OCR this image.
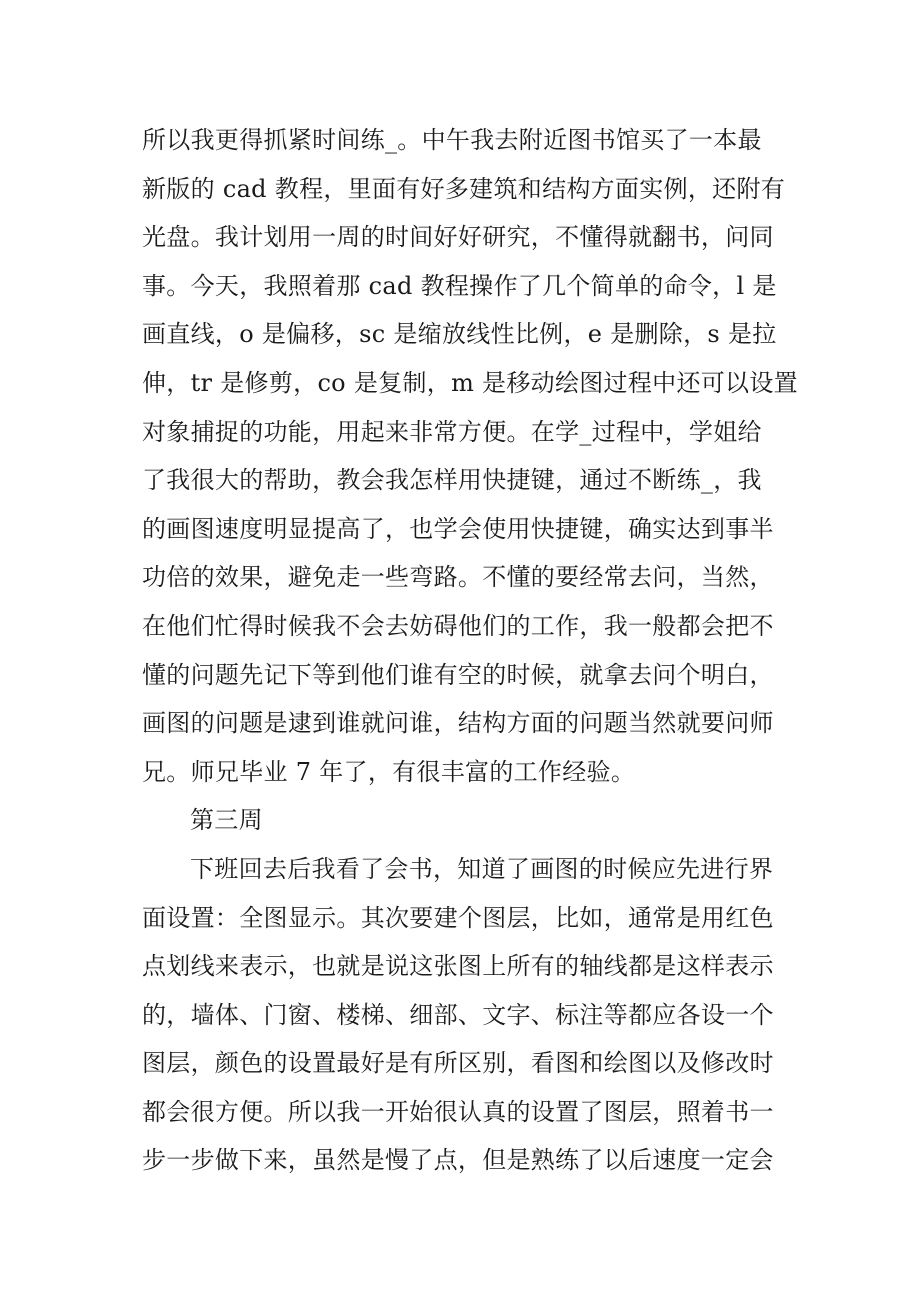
所以我更得抓紧时间练_。中午我去附近图书馆买了一本最
新版的 cad 教程，里面有好多建筑和结构方面实例，还附有
光盘。我计划用一周的时间好好研究，不懂得就翻书，问同
事。今天，我照着那 cad 教程操作了几个简单的命令，l 是
画直线，o 是偏移，sc 是缩放线性比例，e 是删除，s 是拉
伸，tr 是修剪，co 是复制，m 是移动绘图过程中还可以设置
对象捕捉的功能，用起来非常方便。在学_过程中，学姐给
了我很大的帮助，教会我怎样用快捷键，通过不断练_，我
的画图速度明显提高了，也学会使用快捷键，确实达到事半
功倍的效果，避免走一些弯路。不懂的要经常去问，当然，
在他们忙得时候我不会去妨碍他们的工作，我一般都会把不
懂的问题先记下等到他们谁有空的时候，就拿去问个明白，
画图的问题是逮到谁就问谁，结构方面的问题当然就要问师
兄。师兄毕业 7 年了，有很丰富的工作经验。
第三周
下班回去后我看了会书，知道了画图的时候应先进行界
面设置：全图显示。其次要建个图层，比如，通常是用红色
点划线来表示，也就是说这张图上所有的轴线都是这样表示
的，墙体、门窗、楼梯、细部、文字、标注等都应各设一个
图层，颜色的设置最好是有所区别，看图和绘图以及修改时
都会很方便。所以我一开始很认真的设置了图层，照着书一
步一步做下来，虽然是慢了点，但是熟练了以后速度一定会
